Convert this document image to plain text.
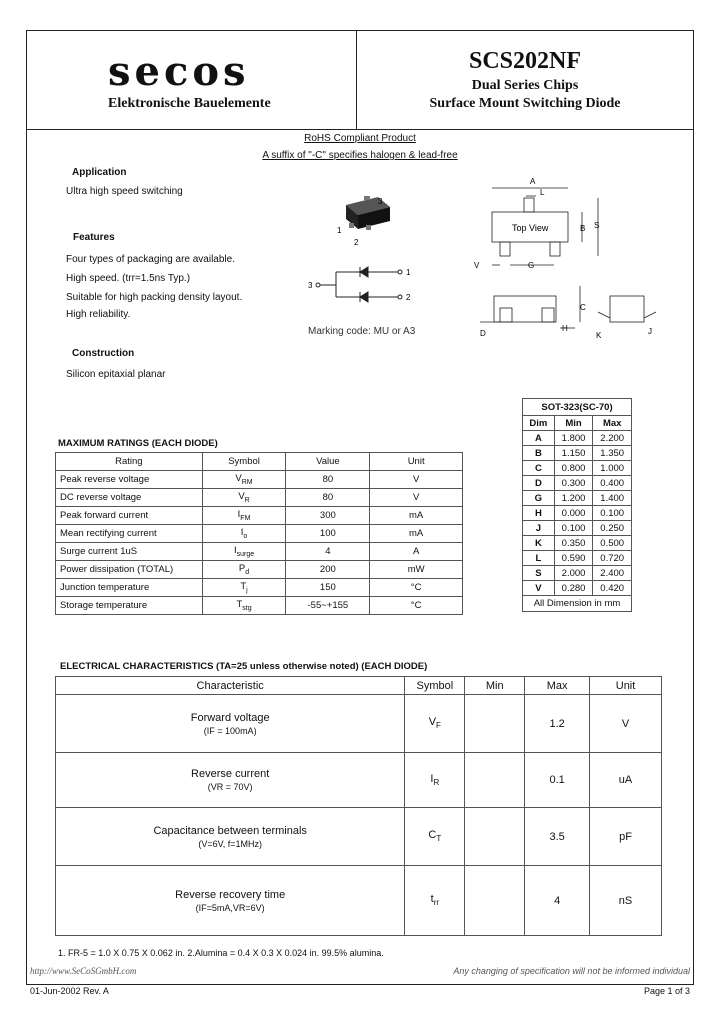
secos
Elektronische Bauelemente
SCS202NF
Dual Series Chips
Surface Mount Switching Diode
RoHS Compliant Product
A suffix of "-C" specifies halogen & lead-free
Application
Ultra high speed switching
Features
Four types of packaging are available.
High speed. (trr=1.5ns Typ.)
Suitable for high packing density layout.
High reliability.
Construction
Silicon epitaxial planar
3
1
2
3
1
2
Marking code: MU or A3
A
L
Top View	B S
V	G
C
D
H
K	J
MAXIMUM RATINGS (EACH DIODE)
Rating	Symbol	Value	Unit
Peak reverse voltage	$V_{RM}$	80	V
DC reverse voltage	$V_R$	80	V
Peak forward current	$I_{FM}$	300	mA
Mean rectifying current	$I_o$	100	mA
Surge current 1uS	$I_{surge}$	4	A
Power dissipation (TOTAL)	$P_d$	200	mW
Junction temperature	$T_j$	150	°C
Storage temperature	$T_{stg}$	-55~+155	°C
SOT-323(SC-70)		
Dim	Min	Max
A	1.800	2.200
B	1.150	1.350
C	0.800	1.000
D	0.300	0.400
G	1.200	1.400
H	0.000	0.100
J	0.100	0.250
K	0.350	0.500
L	0.590	0.720
S	2.000	2.400
V	0.280	0.420
All Dimension in mm		
ELECTRICAL CHARACTERISTICS (TA=25 unless otherwise noted) (EACH DIODE)
Characteristic	Symbol	Min	Max	Unit
Forward voltage
(IF = 100mA)	$V_F$		1.2	V
Reverse current
(VR = 70V)	$I_R$		0.1	uA
Capacitance between terminals
(V=6V, f=1MHz)	$C_T$		3.5	pF
Reverse recovery time
(IF=5mA,VR=6V)	$t_{rr}$		4	nS
1. FR-5 = 1.0 X 0.75 X 0.062 in. 2.Alumina = 0.4 X 0.3 X 0.024 in. 99.5% alumina.
http://www.SeCoSGmbH.com	Any changing of specification will not be informed individual
01-Jun-2002 Rev. A	Page 1 of 3
